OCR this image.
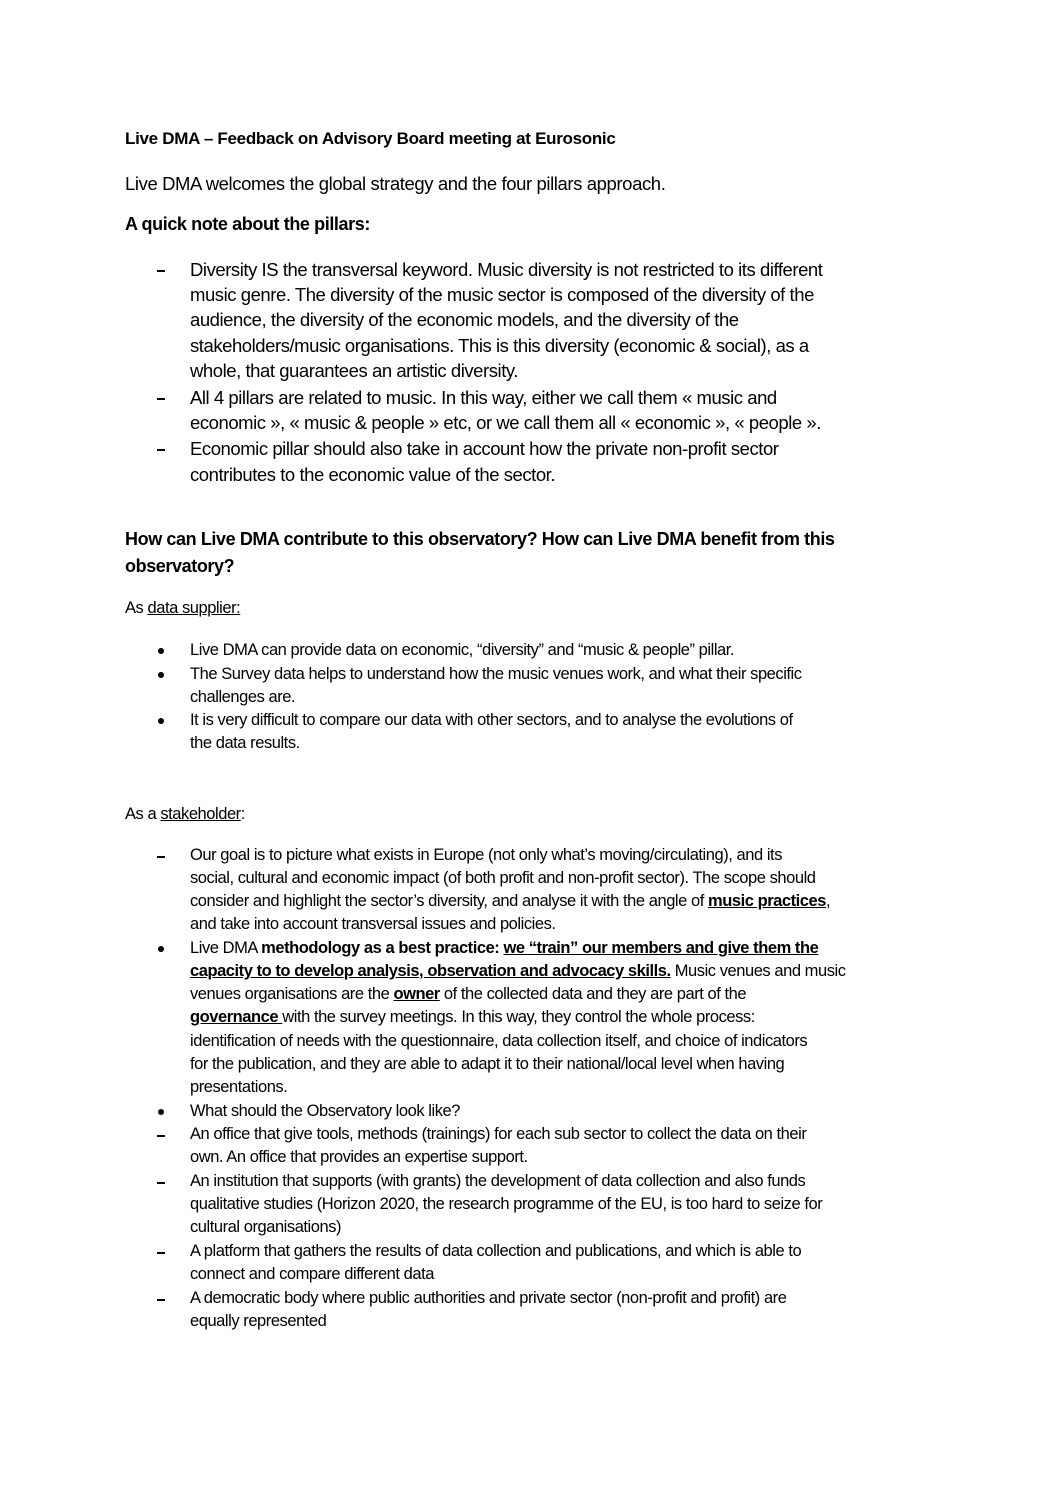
Live DMA – Feedback on Advisory Board meeting at Eurosonic
Live DMA welcomes the global strategy and the four pillars approach.
A quick note about the pillars:
Diversity IS the transversal keyword. Music diversity is not restricted to its different
music genre. The diversity of the music sector is composed of the diversity of the
audience, the diversity of the economic models, and the diversity of the
stakeholders/music organisations. This is this diversity (economic & social), as a
whole, that guarantees an artistic diversity.
All 4 pillars are related to music. In this way, either we call them « music and
economic », « music & people » etc, or we call them all « economic », « people ».
Economic pillar should also take in account how the private non-profit sector
contributes to the economic value of the sector.
How can Live DMA contribute to this observatory? How can Live DMA benefit from this
observatory?
As data supplier:
Live DMA can provide data on economic, “diversity” and “music & people” pillar.
The Survey data helps to understand how the music venues work, and what their specific
challenges are.
It is very difficult to compare our data with other sectors, and to analyse the evolutions of
the data results.
As a stakeholder:
Our goal is to picture what exists in Europe (not only what’s moving/circulating), and its
social, cultural and economic impact (of both profit and non-profit sector). The scope should
consider and highlight the sector’s diversity, and analyse it with the angle of music practices,
and take into account transversal issues and policies.
Live DMA methodology as a best practice: we “train” our members and give them the
capacity to to develop analysis, observation and advocacy skills. Music venues and music
venues organisations are the owner of the collected data and they are part of the
governance with the survey meetings. In this way, they control the whole process:
identification of needs with the questionnaire, data collection itself, and choice of indicators
for the publication, and they are able to adapt it to their national/local level when having
presentations.
What should the Observatory look like?
An office that give tools, methods (trainings) for each sub sector to collect the data on their
own. An office that provides an expertise support.
An institution that supports (with grants) the development of data collection and also funds
qualitative studies (Horizon 2020, the research programme of the EU, is too hard to seize for
cultural organisations)
A platform that gathers the results of data collection and publications, and which is able to
connect and compare different data
A democratic body where public authorities and private sector (non-profit and profit) are
equally represented
